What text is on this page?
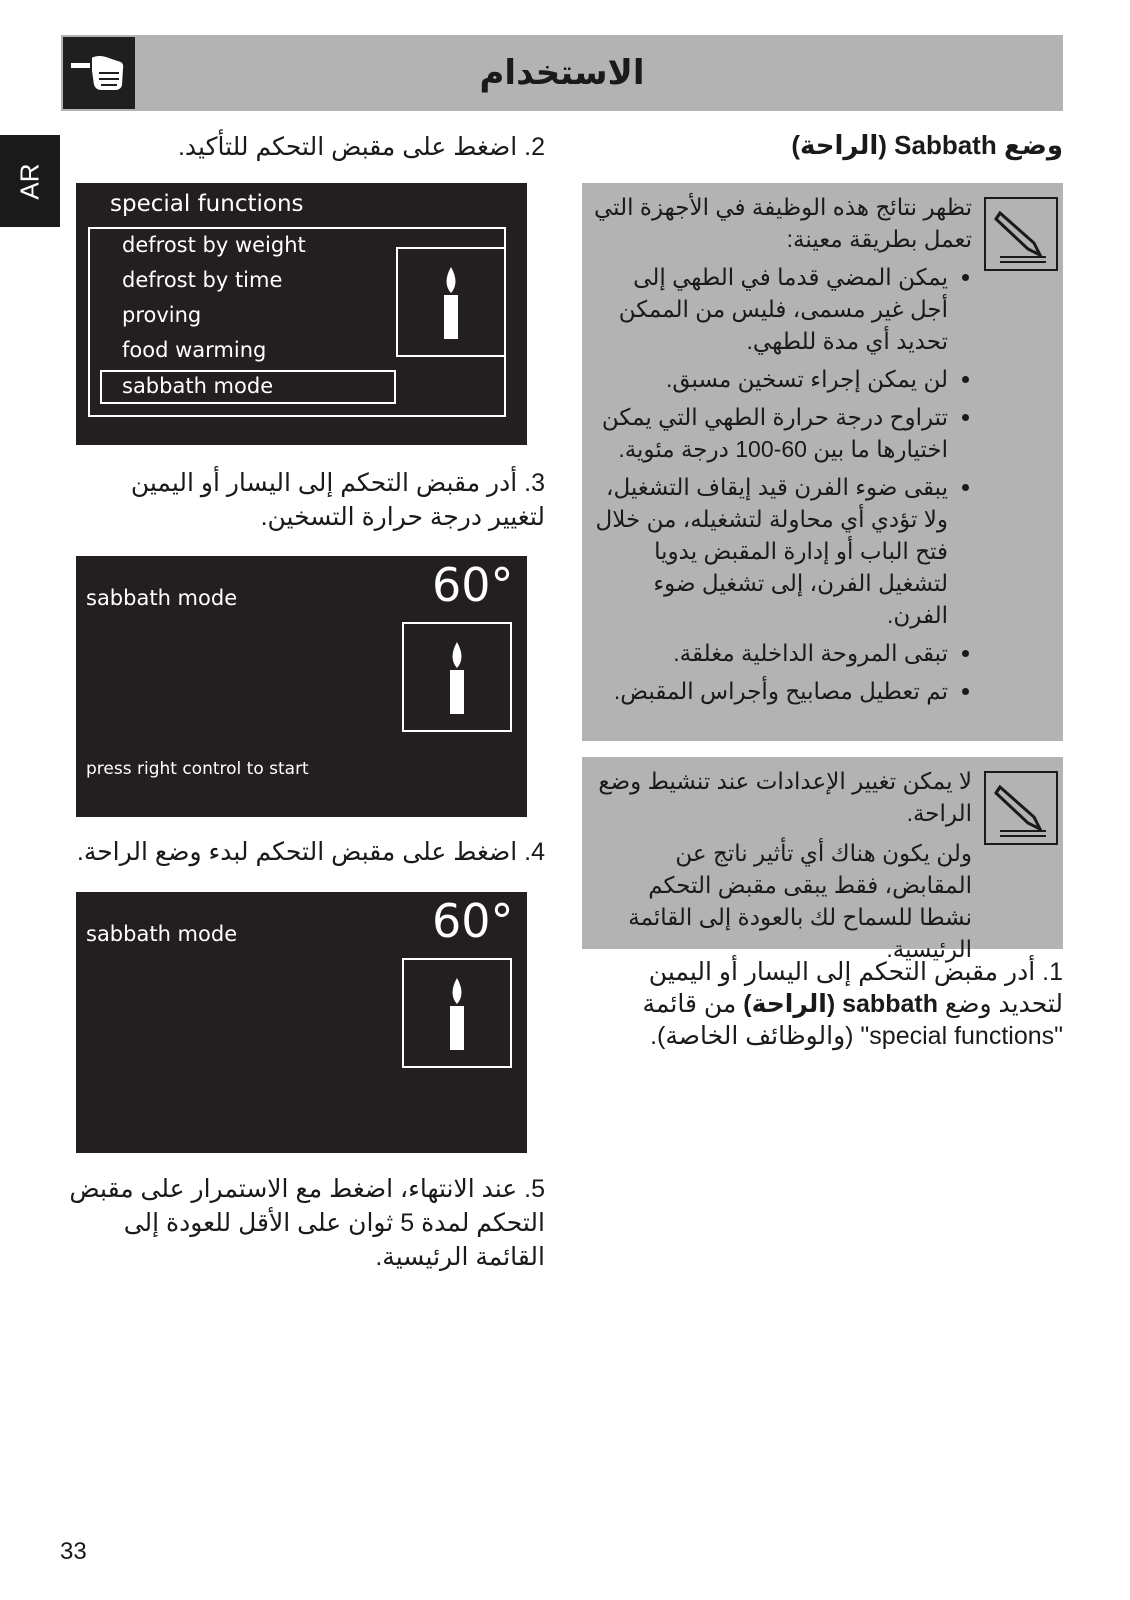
الاستخدام
AR
وضع Sabbath (الراحة)

تظهر نتائج هذه الوظيفة في الأجهزة التي تعمل بطريقة معينة:

• يمكن المضي قدما في الطهي إلى أجل غير مسمى، فليس من الممكن تحديد أي مدة للطهي.
• لن يمكن إجراء تسخين مسبق.
• تتراوح درجة حرارة الطهي التي يمكن اختيارها ما بين 60-100 درجة مئوية.
• يبقى ضوء الفرن قيد إيقاف التشغيل، ولا تؤدي أي محاولة لتشغيله، من خلال فتح الباب أو إدارة المقبض يدويا لتشغيل الفرن، إلى تشغيل ضوء الفرن.
• تبقى المروحة الداخلية مغلقة.
• تم تعطيل مصابيح وأجراس المقبض.

لا يمكن تغيير الإعدادات عند تنشيط وضع الراحة.

ولن يكون هناك أي تأثير ناتج عن المقابض، فقط يبقى مقبض التحكم نشطا للسماح لك بالعودة إلى القائمة الرئيسية.

1. أدر مقبض التحكم إلى اليسار أو اليمين لتحديد وضع sabbath (الراحة) من قائمة "special functions" (والوظائف الخاصة).
2. اضغط على مقبض التحكم للتأكيد.
special functions
defrost by weight
defrost by time
proving
food warming
sabbath mode
3. أدر مقبض التحكم إلى اليسار أو اليمين لتغيير درجة حرارة التسخين.
sabbath mode	60°
press right control to start
4. اضغط على مقبض التحكم لبدء وضع الراحة.
sabbath mode	60°
5. عند الانتهاء، اضغط مع الاستمرار على مقبض التحكم لمدة 5 ثوان على الأقل للعودة إلى القائمة الرئيسية.
33
